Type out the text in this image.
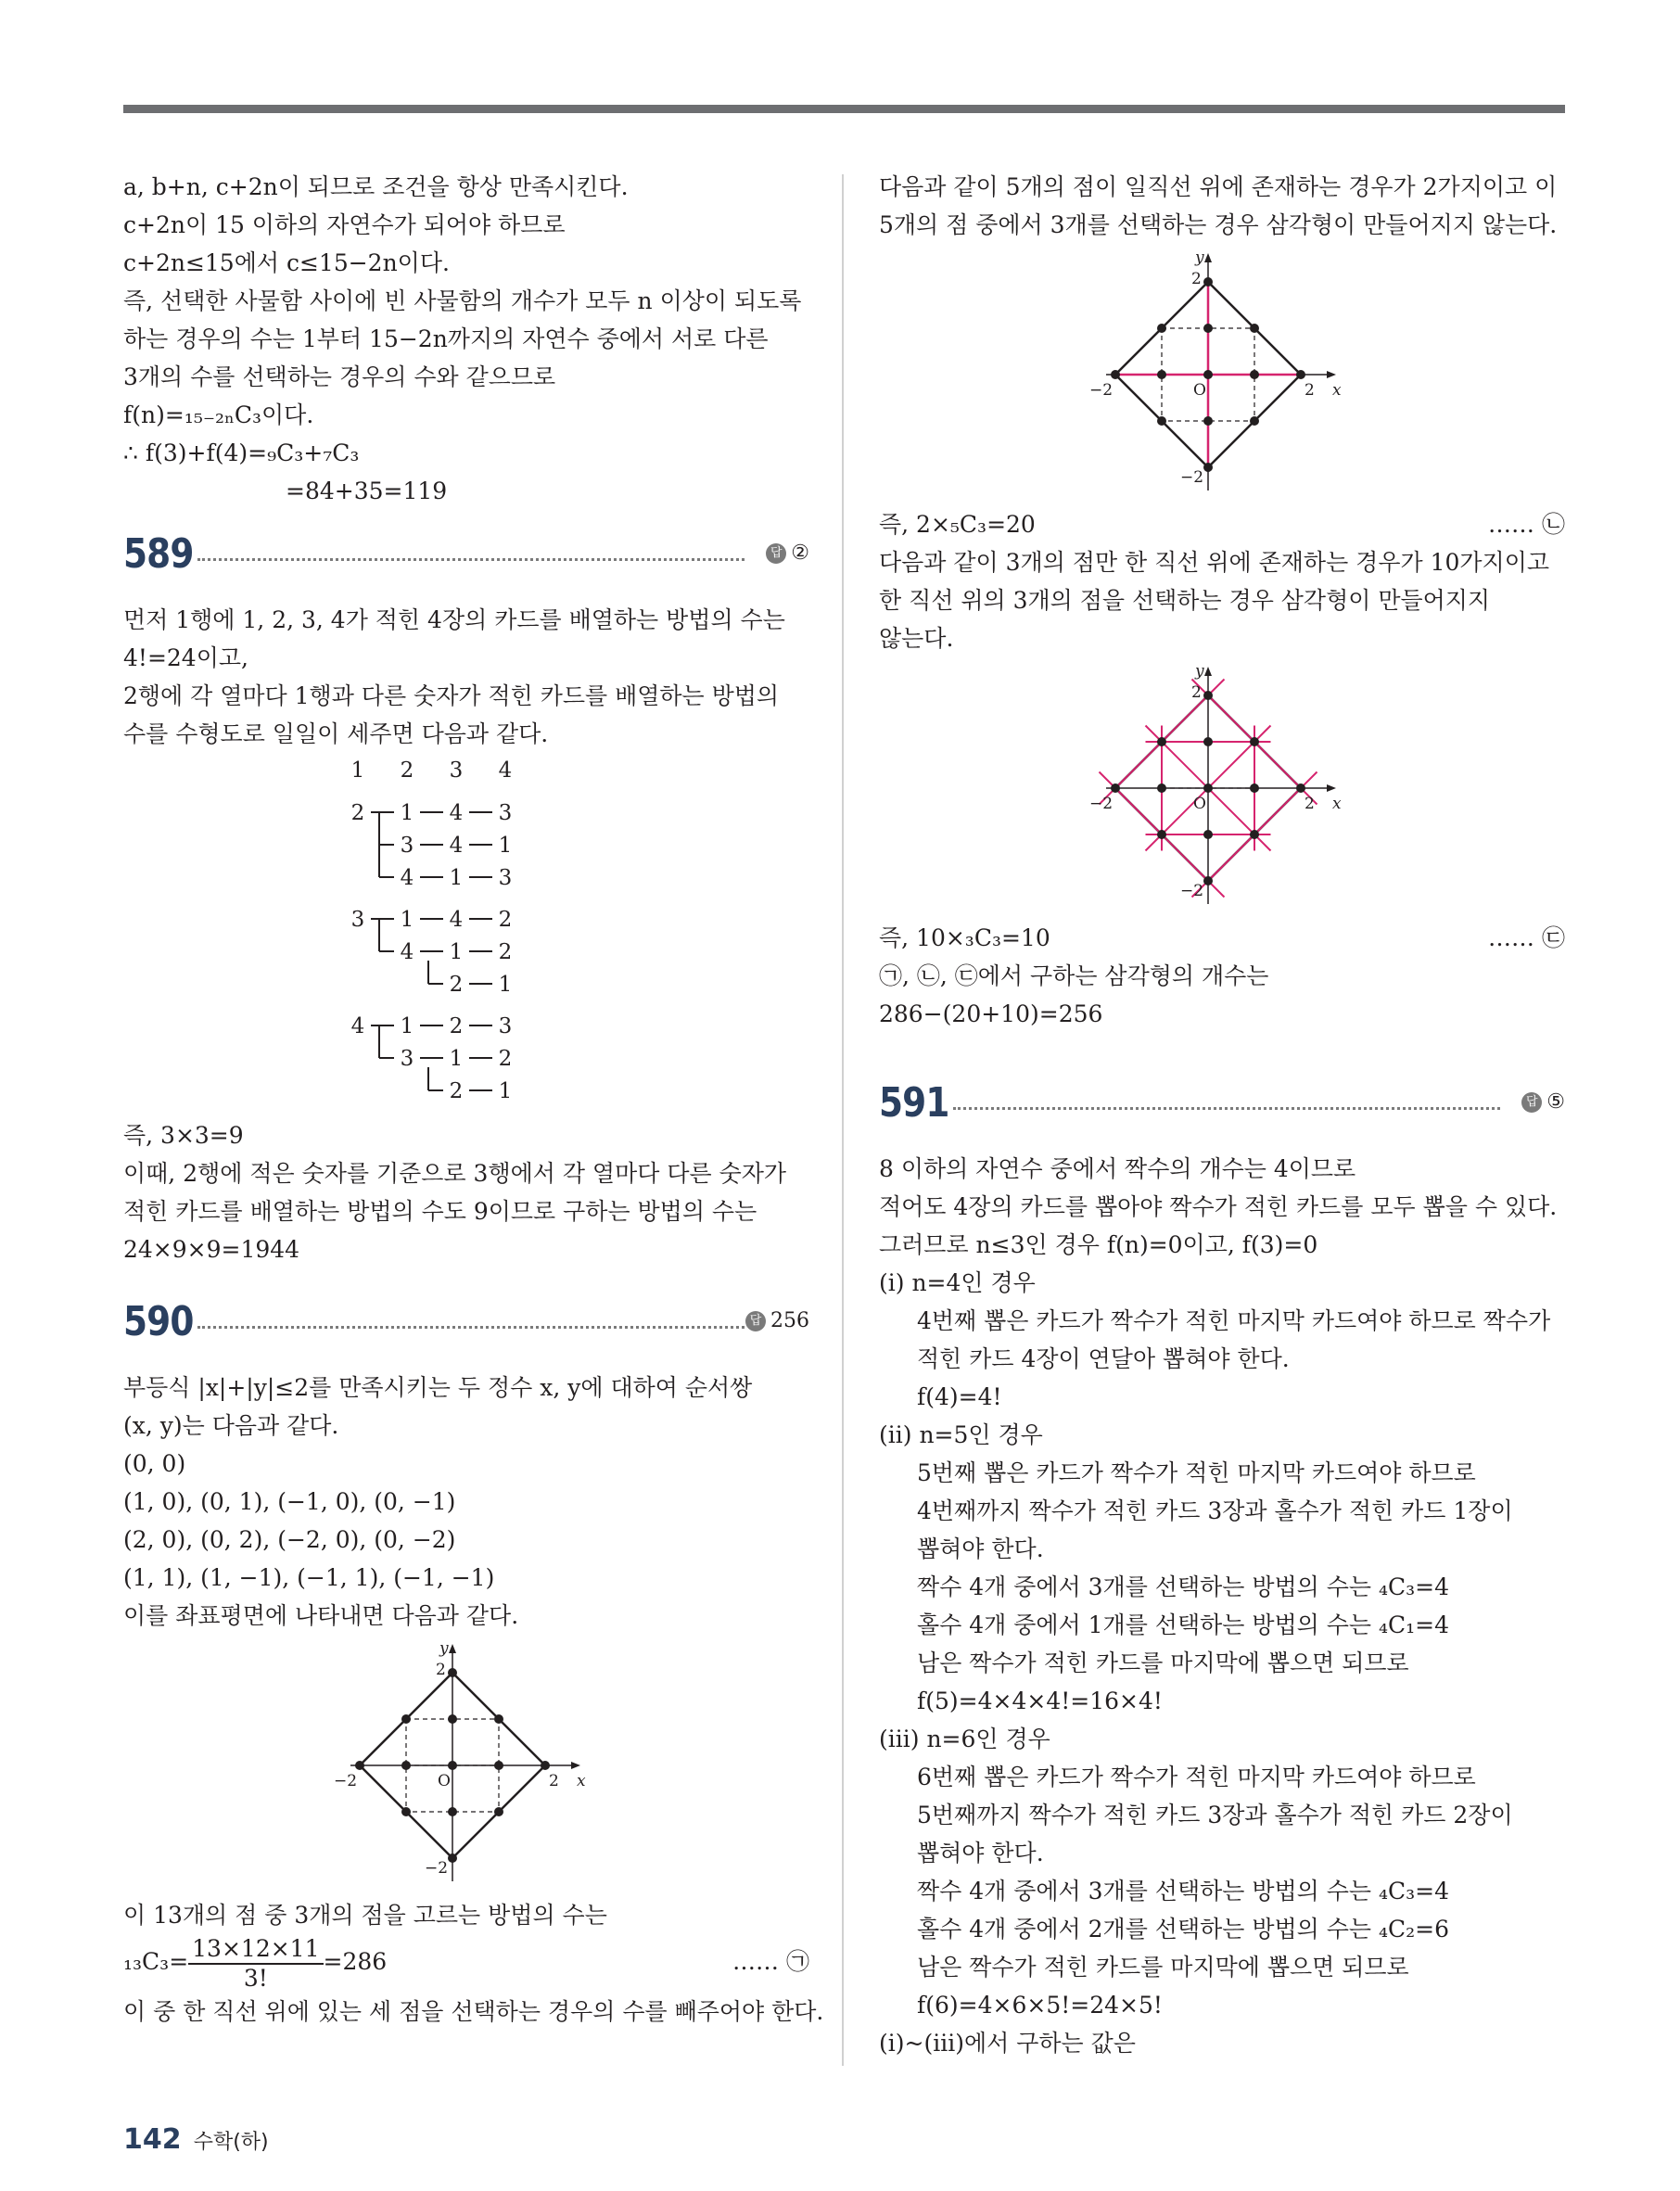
a, b+n, c+2n이 되므로 조건을 항상 만족시킨다.

c+2n이 15 이하의 자연수가 되어야 하므로

c+2n≤15에서 c≤15−2n이다.

즉, 선택한 사물함 사이에 빈 사물함의 개수가 모두 n 이상이 되도록

하는 경우의 수는 1부터 15−2n까지의 자연수 중에서 서로 다른

3개의 수를 선택하는 경우의 수와 같으므로

f(n)=₁₅₋₂ₙC₃이다.

∴ f(3)+f(4)=₉C₃+₇C₃

=84+35=119

589	답 ②

먼저 1행에 1, 2, 3, 4가 적힌 4장의 카드를 배열하는 방법의 수는

4!=24이고,

2행에 각 열마다 1행과 다른 숫자가 적힌 카드를 배열하는 방법의

수를 수형도로 일일이 세주면 다음과 같다.

1 2 3 4
2 1 4 3
3 4 1
4 1 3
3 1 4 2
4 1 2
2 1
4 1 2 3
3 1 2
2 1

즉, 3×3=9

이때, 2행에 적은 숫자를 기준으로 3행에서 각 열마다 다른 숫자가

적힌 카드를 배열하는 방법의 수도 9이므로 구하는 방법의 수는

24×9×9=1944

590	답 256

부등식 |x|+|y|≤2를 만족시키는 두 정수 x, y에 대하여 순서쌍

(x, y)는 다음과 같다.

(0, 0)

(1, 0), (0, 1), (−1, 0), (0, −1)

(2, 0), (0, 2), (−2, 0), (0, −2)

(1, 1), (1, −1), (−1, 1), (−1, −1)

이를 좌표평면에 나타내면 다음과 같다.

y
x
O
2
2
−2
−2

이 13개의 점 중 3개의 점을 고르는 방법의 수는

$_{13}C_3= \frac{13\times 12\times 11}{3!} =286$	…… ㉠

이 중 한 직선 위에 있는 세 점을 선택하는 경우의 수를 빼주어야 한다.

다음과 같이 5개의 점이 일직선 위에 존재하는 경우가 2가지이고 이

5개의 점 중에서 3개를 선택하는 경우 삼각형이 만들어지지 않는다.

y
x
O
2
2
−2
−2

즉, 2×₅C₃=20	…… ㉡

다음과 같이 3개의 점만 한 직선 위에 존재하는 경우가 10가지이고

한 직선 위의 3개의 점을 선택하는 경우 삼각형이 만들어지지

않는다.

y
x
O
2
2
−2
−2

즉, 10×₃C₃=10	…… ㉢

㉠, ㉡, ㉢에서 구하는 삼각형의 개수는

286−(20+10)=256

591	답 ⑤

8 이하의 자연수 중에서 짝수의 개수는 4이므로

적어도 4장의 카드를 뽑아야 짝수가 적힌 카드를 모두 뽑을 수 있다.

그러므로 n≤3인 경우 f(n)=0이고, f(3)=0

(ⅰ) n=4인 경우

4번째 뽑은 카드가 짝수가 적힌 마지막 카드여야 하므로 짝수가

적힌 카드 4장이 연달아 뽑혀야 한다.

f(4)=4!

(ⅱ) n=5인 경우

5번째 뽑은 카드가 짝수가 적힌 마지막 카드여야 하므로

4번째까지 짝수가 적힌 카드 3장과 홀수가 적힌 카드 1장이

뽑혀야 한다.

짝수 4개 중에서 3개를 선택하는 방법의 수는 ₄C₃=4

홀수 4개 중에서 1개를 선택하는 방법의 수는 ₄C₁=4

남은 짝수가 적힌 카드를 마지막에 뽑으면 되므로

f(5)=4×4×4!=16×4!

(ⅲ) n=6인 경우

6번째 뽑은 카드가 짝수가 적힌 마지막 카드여야 하므로

5번째까지 짝수가 적힌 카드 3장과 홀수가 적힌 카드 2장이

뽑혀야 한다.

짝수 4개 중에서 3개를 선택하는 방법의 수는 ₄C₃=4

홀수 4개 중에서 2개를 선택하는 방법의 수는 ₄C₂=6

남은 짝수가 적힌 카드를 마지막에 뽑으면 되므로

f(6)=4×6×5!=24×5!

(ⅰ)~(ⅲ)에서 구하는 값은

142 수학(하)
